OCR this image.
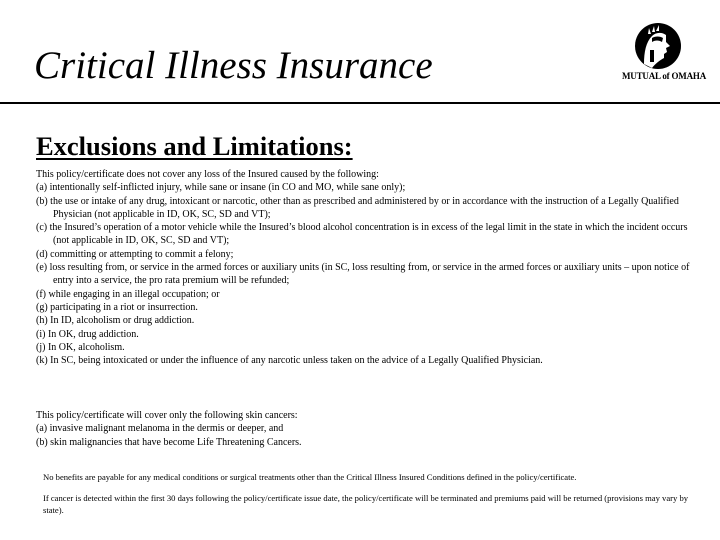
Critical Illness Insurance	MUTUAL of OMAHA
Exclusions and Limitations:

This policy/certificate does not cover any loss of the Insured caused by the following:

(a) intentionally self-inflicted injury, while sane or insane (in CO and MO, while sane only);

(b) the use or intake of any drug, intoxicant or narcotic, other than as prescribed and administered by or in accordance with the instruction of a Legally Qualified Physician (not applicable in ID, OK, SC, SD and VT);

(c) the Insured’s operation of a motor vehicle while the Insured’s blood alcohol concentration is in excess of the legal limit in the state in which the incident occurs (not applicable in ID, OK, SC, SD and VT);

(d) committing or attempting to commit a felony;

(e) loss resulting from, or service in the armed forces or auxiliary units (in SC, loss resulting from, or service in the armed forces or auxiliary units – upon notice of entry into a service, the pro rata premium will be refunded;

(f) while engaging in an illegal occupation; or

(g) participating in a riot or insurrection.

(h) In ID, alcoholism or drug addiction.

(i) In OK, drug addiction.

(j) In OK, alcoholism.

(k) In SC, being intoxicated or under the influence of any narcotic unless taken on the advice of a Legally Qualified Physician.

This policy/certificate will cover only the following skin cancers:

(a) invasive malignant melanoma in the dermis or deeper, and

(b) skin malignancies that have become Life Threatening Cancers.

No benefits are payable for any medical conditions or surgical treatments other than the Critical Illness Insured Conditions defined in the policy/certificate.
If cancer is detected within the first 30 days following the policy/certificate issue date, the policy/certificate will be terminated and premiums paid will be returned (provisions may vary by state).
